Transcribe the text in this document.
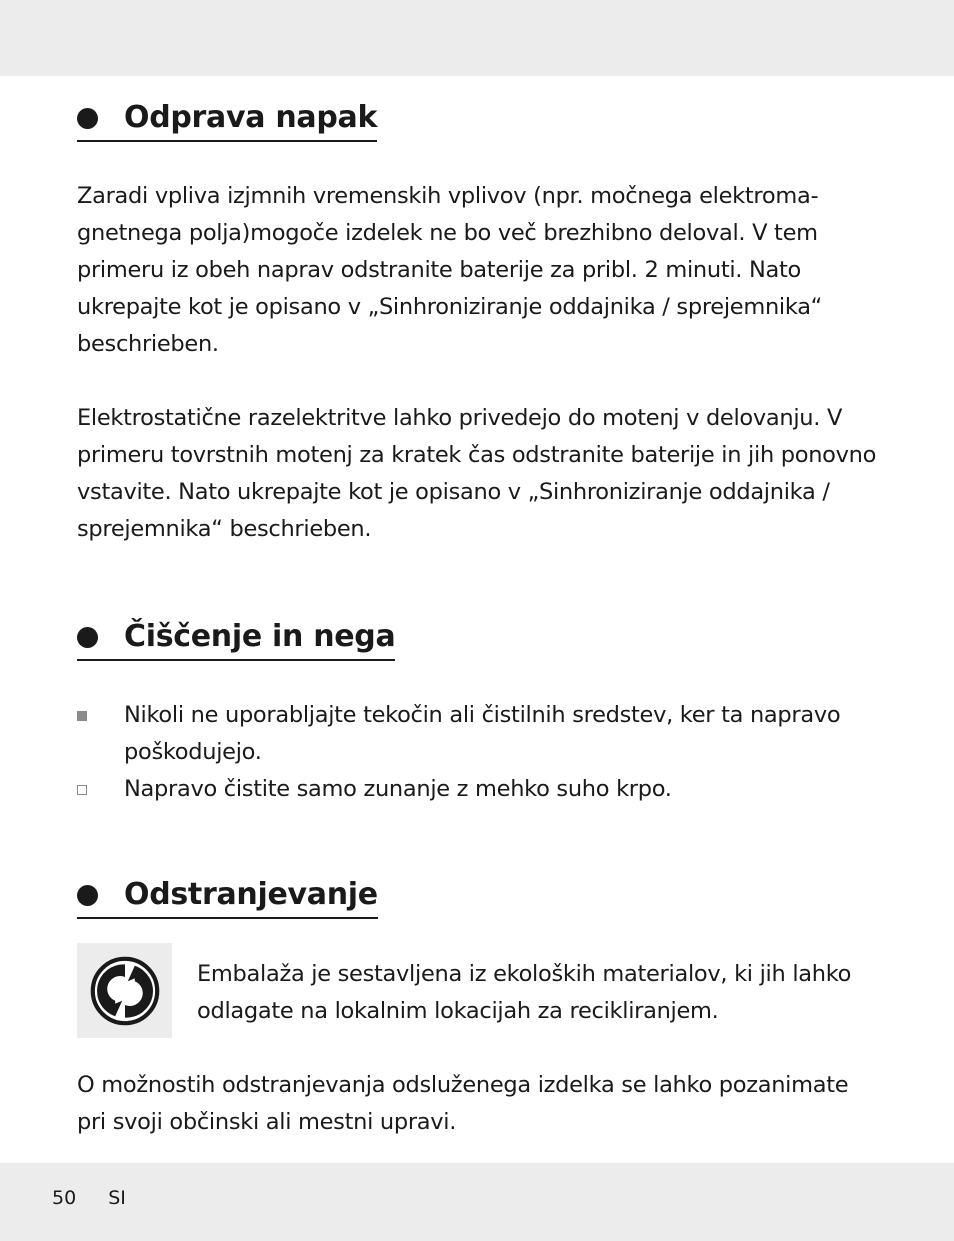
Odprava napak

Zaradi vpliva izjmnih vremenskih vplivov (npr. močnega elektroma-gnetnega polja)mogoče izdelek ne bo več brezhibno deloval. V tem primeru iz obeh naprav odstranite baterije za pribl. 2 minuti. Nato ukrepajte kot je opisano v „Sinhroniziranje oddajnika / sprejemnika“ beschrieben.

Elektrostatične razelektritve lahko privedejo do motenj v delovanju. V primeru tovrstnih motenj za kratek čas odstranite baterije in jih ponovno vstavite. Nato ukrepajte kot je opisano v „Sinhroniziranje oddajnika / sprejemnika“ beschrieben.

Čiščenje in nega
Nikoli ne uporabljajte tekočin ali čistilnih sredstev, ker ta napravo poškodujejo.
Napravo čistite samo zunanje z mehko suho krpo.
Odstranjevanje

Embalaža je sestavljena iz ekoloških materialov, ki jih lahko odlagate na lokalnim lokacijah za recikliranjem.

O možnostih odstranjevanja odsluženega izdelka se lahko pozanimate pri svoji občinski ali mestni upravi.

50 SI
